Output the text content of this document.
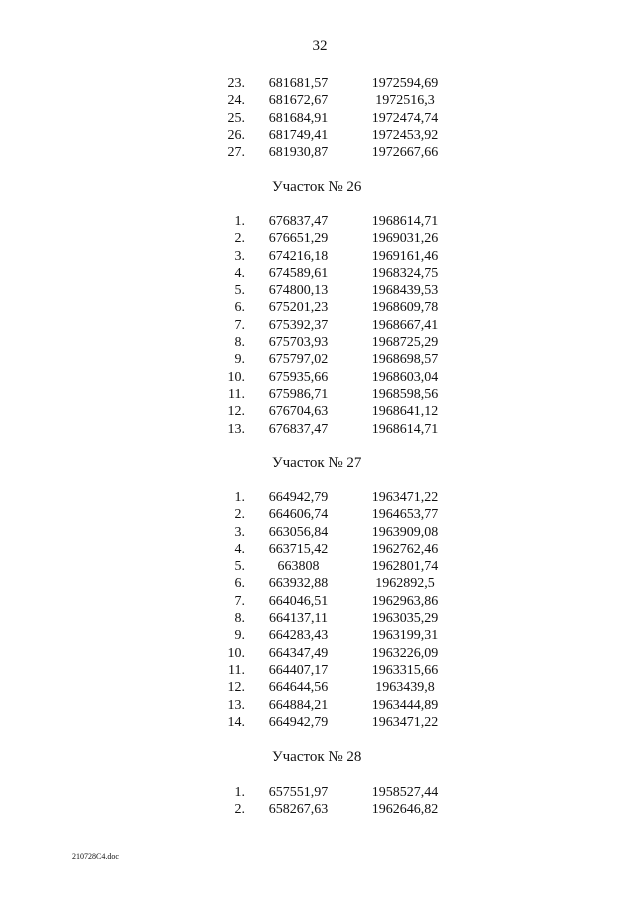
32
23.	681681,57	1972594,69
24.	681672,67	1972516,3
25.	681684,91	1972474,74
26.	681749,41	1972453,92
27.	681930,87	1972667,66
Участок № 26
1.	676837,47	1968614,71
2.	676651,29	1969031,26
3.	674216,18	1969161,46
4.	674589,61	1968324,75
5.	674800,13	1968439,53
6.	675201,23	1968609,78
7.	675392,37	1968667,41
8.	675703,93	1968725,29
9.	675797,02	1968698,57
10.	675935,66	1968603,04
11.	675986,71	1968598,56
12.	676704,63	1968641,12
13.	676837,47	1968614,71
Участок № 27
1.	664942,79	1963471,22
2.	664606,74	1964653,77
3.	663056,84	1963909,08
4.	663715,42	1962762,46
5.	663808	1962801,74
6.	663932,88	1962892,5
7.	664046,51	1962963,86
8.	664137,11	1963035,29
9.	664283,43	1963199,31
10.	664347,49	1963226,09
11.	664407,17	1963315,66
12.	664644,56	1963439,8
13.	664884,21	1963444,89
14.	664942,79	1963471,22
Участок № 28
1.	657551,97	1958527,44
2.	658267,63	1962646,82
210728C4.doc
